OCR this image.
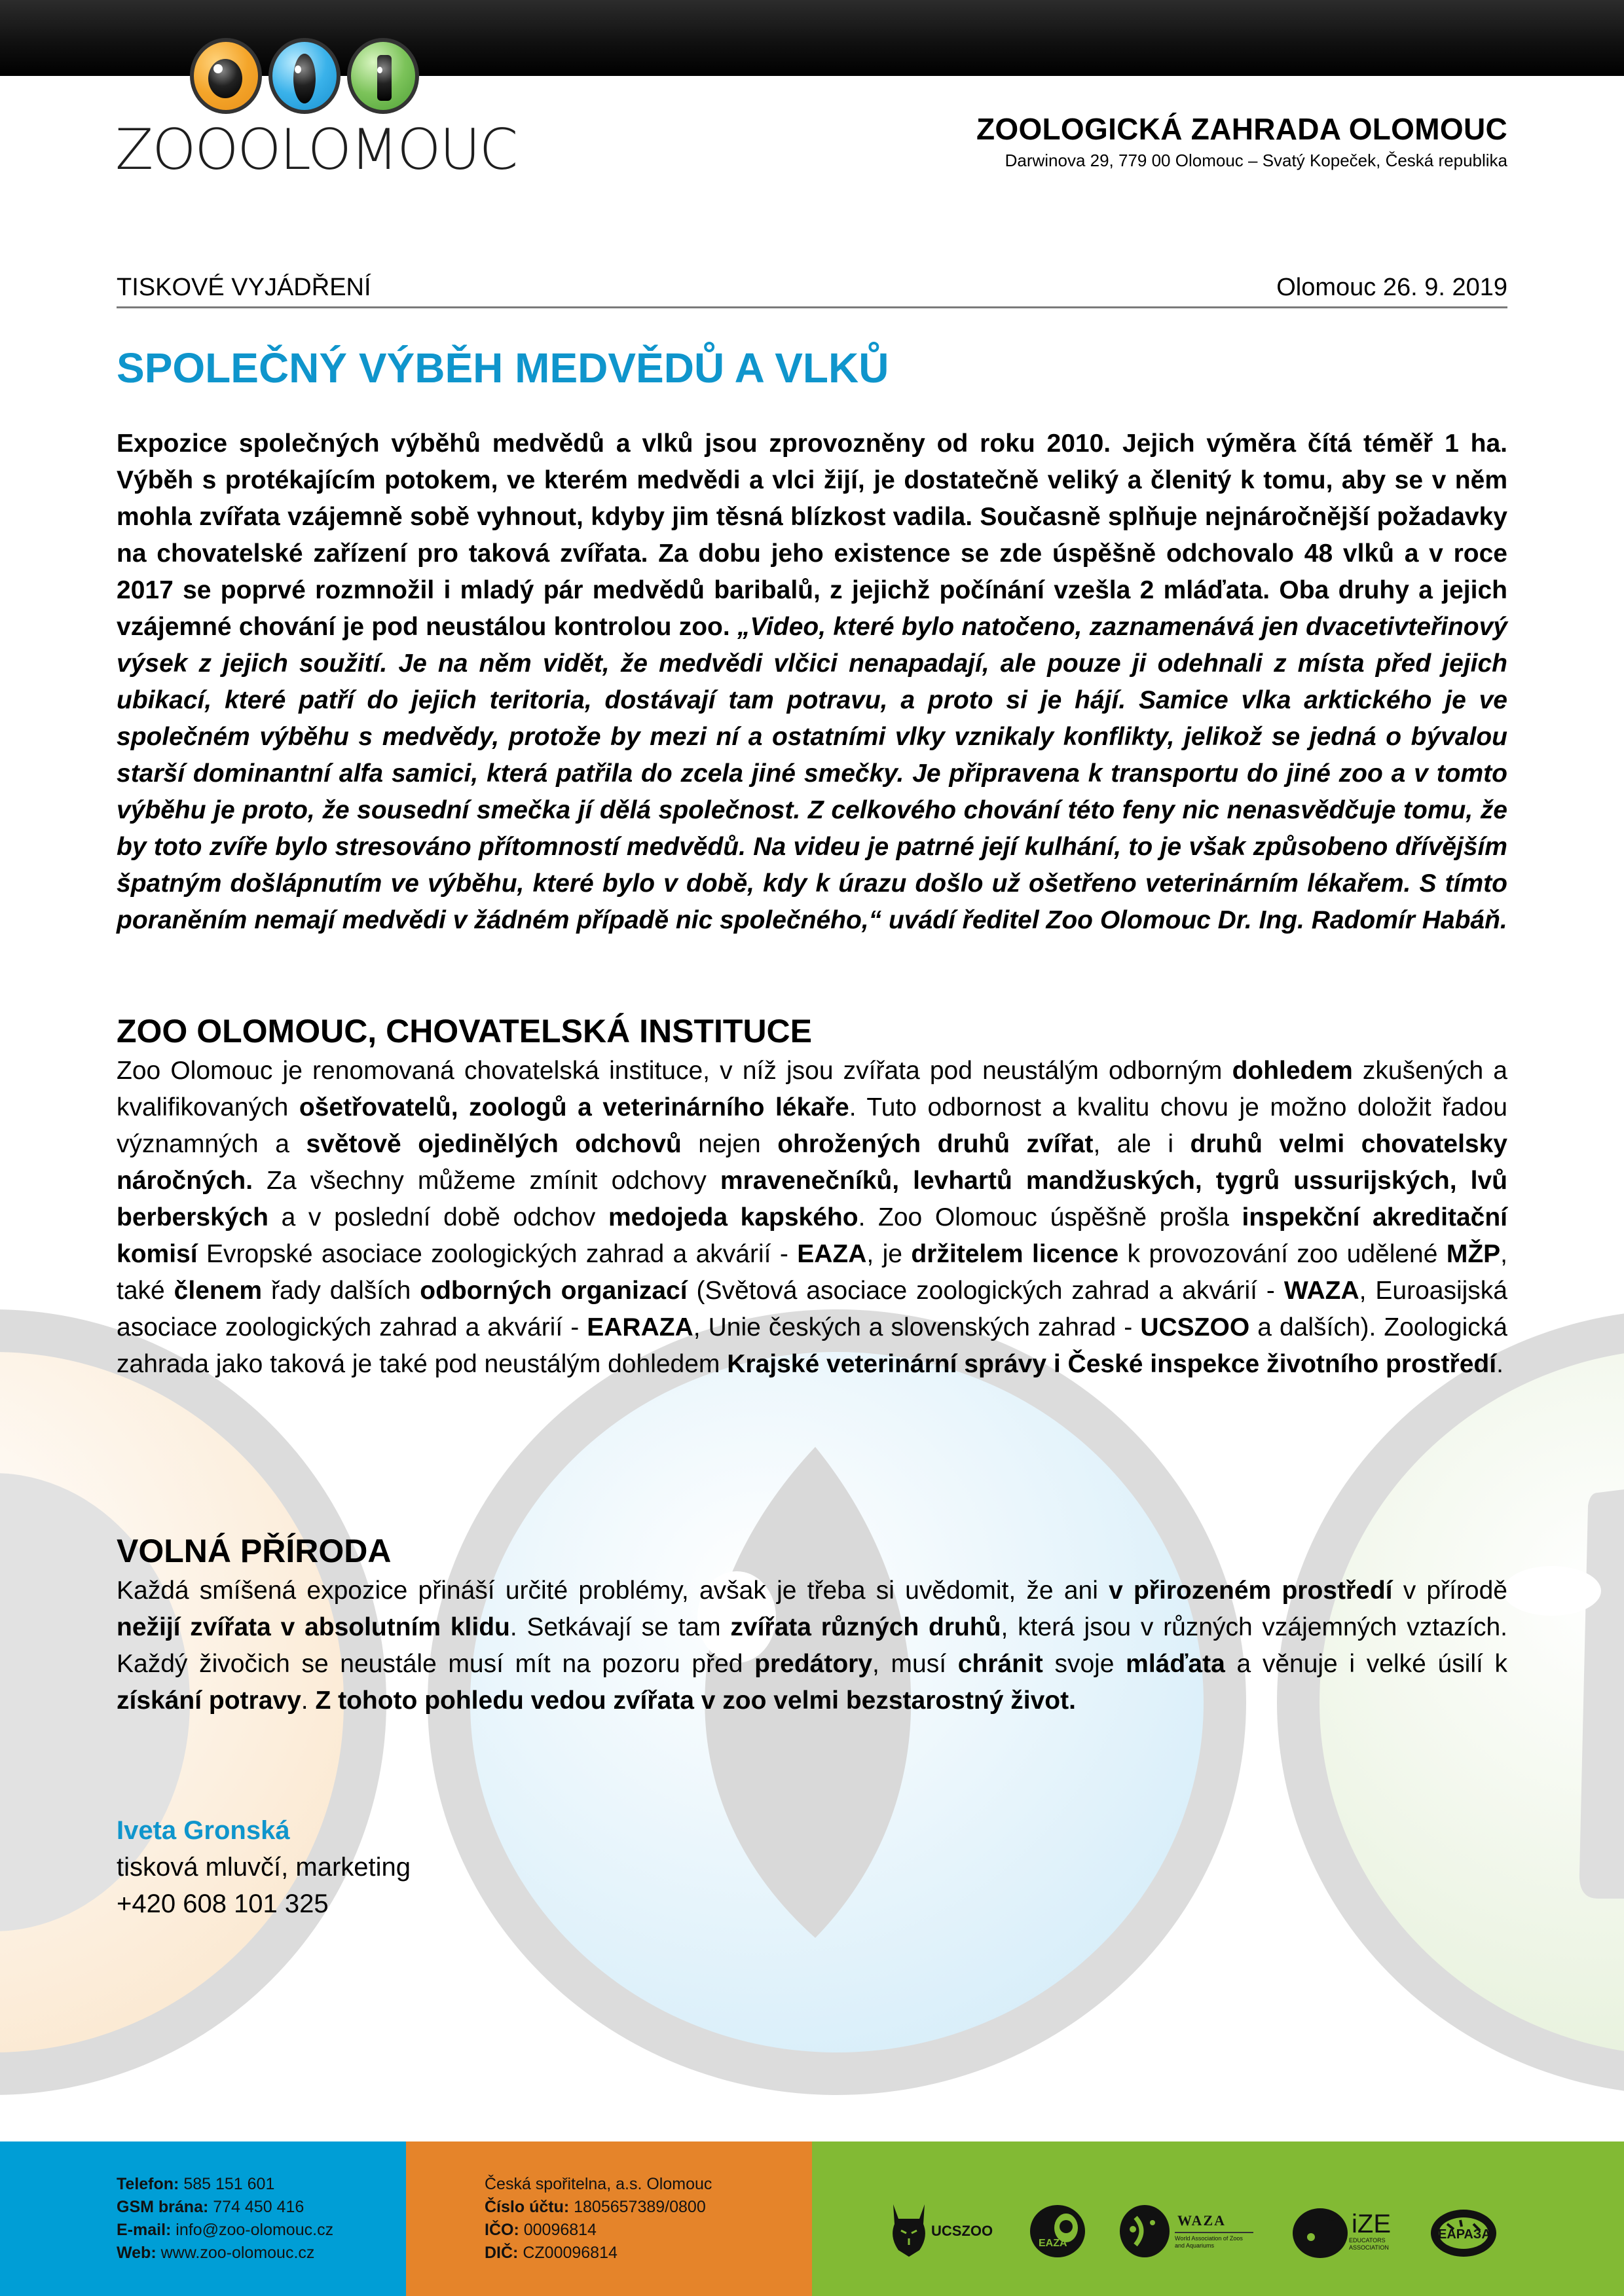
ZOOOLOMOUC	ZOOLOGICKÁ ZAHRADA OLOMOUC
Darwinova 29, 779 00 Olomouc – Svatý Kopeček, Česká republika
TISKOVÉ VYJÁDŘENÍ	Olomouc 26. 9. 2019
SPOLEČNÝ VÝBĚH MEDVĚDŮ A VLKŮ
Expozice společných výběhů medvědů a vlků jsou zprovozněny od roku 2010. Jejich výměra čítá téměř 1 ha. Výběh s protékajícím potokem, ve kterém medvědi a vlci žijí, je dostatečně veliký a členitý k tomu, aby se v něm mohla zvířata vzájemně sobě vyhnout, kdyby jim těsná blízkost vadila. Současně splňuje nejnáročnější požadavky na chovatelské zařízení pro taková zvířata. Za dobu jeho existence se zde úspěšně odchovalo 48 vlků a v roce 2017 se poprvé rozmnožil i mladý pár medvědů baribalů, z jejichž počínání vzešla 2 mláďata. Oba druhy a jejich vzájemné chování je pod neustálou kontrolou zoo. „Video, které bylo natočeno, zaznamenává jen dvacetivteřinový výsek z jejich soužití. Je na něm vidět, že medvědi vlčici nenapadají, ale pouze ji odehnali z místa před jejich ubikací, které patří do jejich teritoria, dostávají tam potravu, a proto si je hájí. Samice vlka arktického je ve společném výběhu s medvědy, protože by mezi ní a ostatními vlky vznikaly konflikty, jelikož se jedná o bývalou starší dominantní alfa samici, která patřila do zcela jiné smečky. Je připravena k transportu do jiné zoo a v tomto výběhu je proto, že sousední smečka jí dělá společnost. Z celkového chování této feny nic nenasvědčuje tomu, že by toto zvíře bylo stresováno přítomností medvědů. Na videu je patrné její kulhání, to je však způsobeno dřívějším špatným došlápnutím ve výběhu, které bylo v době, kdy k úrazu došlo už ošetřeno veterinárním lékařem. S tímto poraněním nemají medvědi v žádném případě nic společného,“ uvádí ředitel Zoo Olomouc Dr. Ing. Radomír Habáň.
ZOO OLOMOUC, CHOVATELSKÁ INSTITUCE
Zoo Olomouc je renomovaná chovatelská instituce, v níž jsou zvířata pod neustálým odborným dohledem zkušených a kvalifikovaných ošetřovatelů, zoologů a veterinárního lékaře. Tuto odbornost a kvalitu chovu je možno doložit řadou významných a světově ojedinělých odchovů nejen ohrožených druhů zvířat, ale i druhů velmi chovatelsky náročných. Za všechny můžeme zmínit odchovy mravenečníků, levhartů mandžuských, tygrů ussurijských, lvů berberských a v poslední době odchov medojeda kapského. Zoo Olomouc úspěšně prošla inspekční akreditační komisí Evropské asociace zoologických zahrad a akvárií - EAZA, je držitelem licence k provozování zoo udělené MŽP, také členem řady dalších odborných organizací (Světová asociace zoologických zahrad a akvárií - WAZA, Euroasijská asociace zoologických zahrad a akvárií - EARAZA, Unie českých a slovenských zahrad - UCSZOO a dalších). Zoologická zahrada jako taková je také pod neustálým dohledem Krajské veterinární správy i České inspekce životního prostředí.
VOLNÁ PŘÍRODA
Každá smíšená expozice přináší určité problémy, avšak je třeba si uvědomit, že ani v přirozeném prostředí v přírodě nežijí zvířata v absolutním klidu. Setkávají se tam zvířata různých druhů, která jsou v různých vzájemných vztazích. Každý živočich se neustále musí mít na pozoru před predátory, musí chránit svoje mláďata a věnuje i velké úsilí k získání potravy. Z tohoto pohledu vedou zvířata v zoo velmi bezstarostný život.
Iveta Gronská
tisková mluvčí, marketing
+420 608 101 325
Telefon: 585 151 601
GSM brána: 774 450 416
E-mail: info@zoo-olomouc.cz
Web: www.zoo-olomouc.cz
Česká spořitelna, a.s. Olomouc
Číslo účtu: 1805657389/0800
IČO: 00096814
DIČ: CZ00096814
UCSZOO
EAZA
WAZA
World Association of Zoos and Aquariums
iZE
EDUCATORS ASSOCIATION
ЕАРАЗА
